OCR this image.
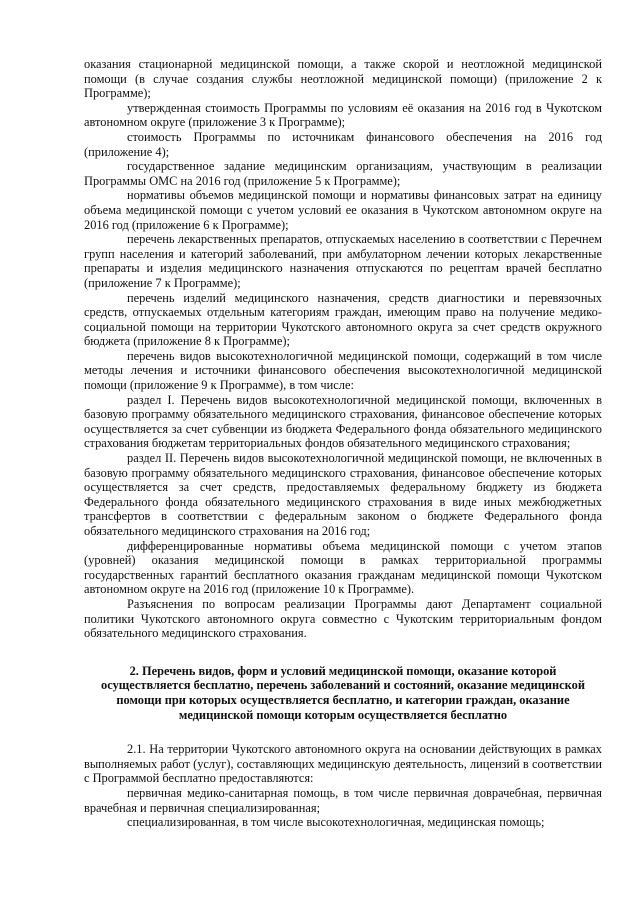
оказания стационарной медицинской помощи, а также скорой и неотложной медицинской помощи (в случае создания службы неотложной медицинской помощи) (приложение 2 к Программе);

утвержденная стоимость Программы по условиям её оказания на 2016 год в Чукотском автономном округе (приложение 3 к Программе);

стоимость Программы по источникам финансового обеспечения на 2016 год (приложение 4);

государственное задание медицинским организациям, участвующим в реализации Программы ОМС на 2016 год (приложение 5 к Программе);

нормативы объемов медицинской помощи и нормативы финансовых затрат на единицу объема медицинской помощи с учетом условий ее оказания в Чукотском автономном округе на 2016 год (приложение 6 к Программе);

перечень лекарственных препаратов, отпускаемых населению в соответствии с Перечнем групп населения и категорий заболеваний, при амбулаторном лечении которых лекарственные препараты и изделия медицинского назначения отпускаются по рецептам врачей бесплатно (приложение 7 к Программе);

перечень изделий медицинского назначения, средств диагностики и перевязочных средств, отпускаемых отдельным категориям граждан, имеющим право на получение медико-социальной помощи на территории Чукотского автономного округа за счет средств окружного бюджета (приложение 8 к Программе);

перечень видов высокотехнологичной медицинской помощи, содержащий в том числе методы лечения и источники финансового обеспечения высокотехнологичной медицинской помощи (приложение 9 к Программе), в том числе:

раздел I. Перечень видов высокотехнологичной медицинской помощи, включенных в базовую программу обязательного медицинского страхования, финансовое обеспечение которых осуществляется за счет субвенции из бюджета Федерального фонда обязательного медицинского страхования бюджетам территориальных фондов обязательного медицинского страхования;

раздел II. Перечень видов высокотехнологичной медицинской помощи, не включенных в базовую программу обязательного медицинского страхования, финансовое обеспечение которых осуществляется за счет средств, предоставляемых федеральному бюджету из бюджета Федерального фонда обязательного медицинского страхования в виде иных межбюджетных трансфертов в соответствии с федеральным законом о бюджете Федерального фонда обязательного медицинского страхования на 2016 год;

дифференцированные нормативы объема медицинской помощи с учетом этапов (уровней) оказания медицинской помощи в рамках территориальной программы государственных гарантий бесплатного оказания гражданам медицинской помощи Чукотском автономном округе на 2016 год (приложение 10 к Программе).

Разъяснения по вопросам реализации Программы дают Департамент социальной политики Чукотского автономного округа совместно с Чукотским территориальным фондом обязательного медицинского страхования.

2. Перечень видов, форм и условий медицинской помощи, оказание которой осуществляется бесплатно, перечень заболеваний и состояний, оказание медицинской помощи при которых осуществляется бесплатно, и категории граждан, оказание медицинской помощи которым осуществляется бесплатно

2.1. На территории Чукотского автономного округа на основании действующих в рамках выполняемых работ (услуг), составляющих медицинскую деятельность, лицензий в соответствии с Программой бесплатно предоставляются:

первичная медико-санитарная помощь, в том числе первичная доврачебная, первичная врачебная и первичная специализированная;

специализированная, в том числе высокотехнологичная, медицинская помощь;
